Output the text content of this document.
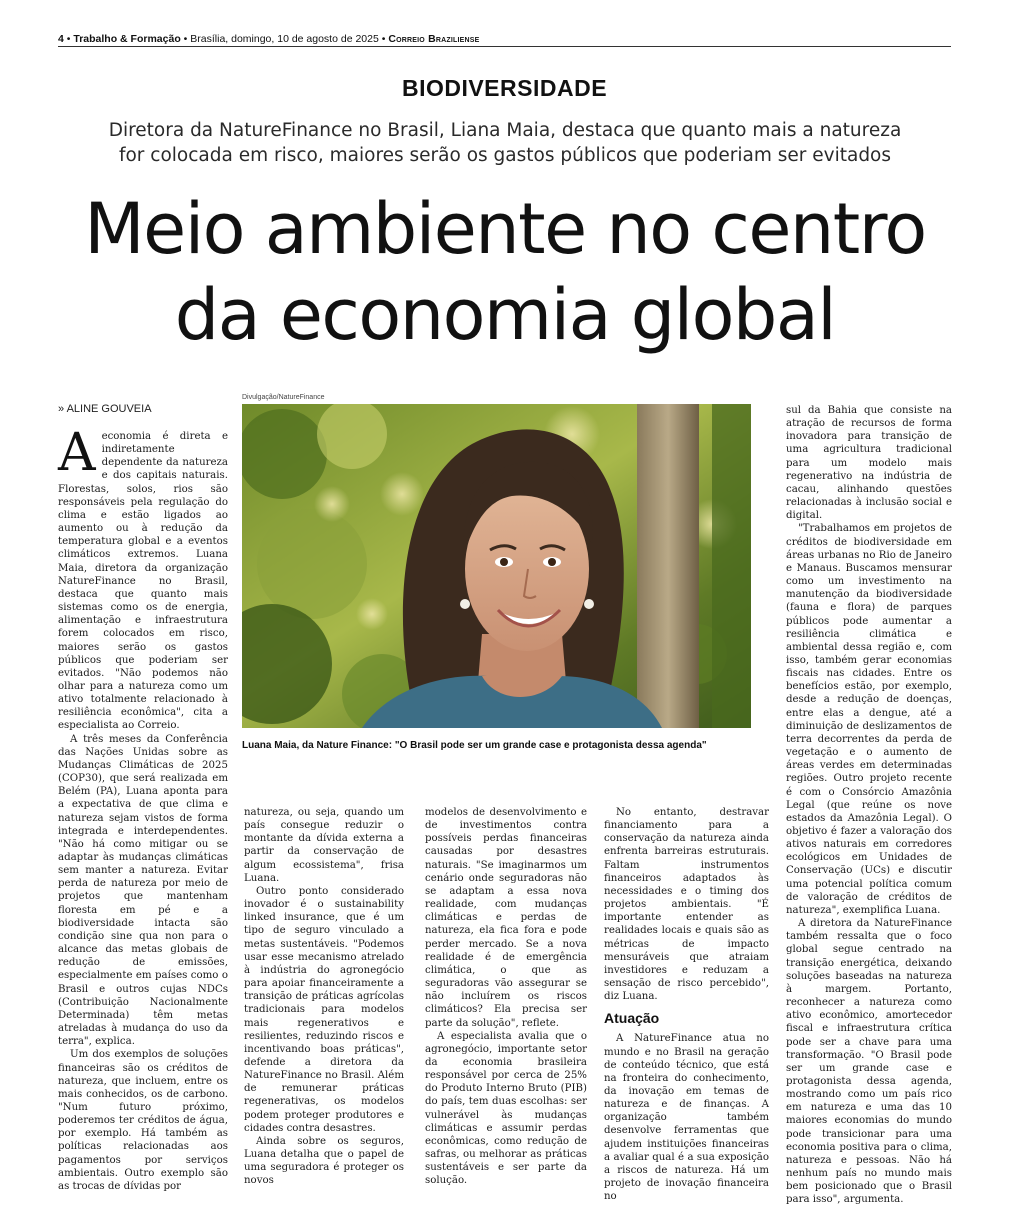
4 • Trabalho & Formação • Brasília, domingo, 10 de agosto de 2025 • Correio Braziliense
BIODIVERSIDADE
Diretora da NatureFinance no Brasil, Liana Maia, destaca que quanto mais a natureza for colocada em risco, maiores serão os gastos públicos que poderiam ser evitados
Meio ambiente no centro
da economia global
» ALINE GOUVEIA
Divulgação/NatureFinance
Luana Maia, da Nature Finance: "O Brasil pode ser um grande case e protagonista dessa agenda"

Aeconomia é direta e indiretamente dependente da natureza e dos capitais naturais. Florestas, solos, rios são responsáveis pela regulação do clima e estão ligados ao aumento ou à redução da temperatura global e a eventos climáticos extremos. Luana Maia, diretora da organização NatureFinance no Brasil, destaca que quanto mais sistemas como os de energia, alimentação e infraestrutura forem colocados em risco, maiores serão os gastos públicos que poderiam ser evitados. "Não podemos não olhar para a natureza como um ativo totalmente relacionado à resiliência econômica", cita a especialista ao Correio.

A três meses da Conferência das Nações Unidas sobre as Mudanças Climáticas de 2025 (COP30), que será realizada em Belém (PA), Luana aponta para a expectativa de que clima e natureza sejam vistos de forma integrada e interdependentes. "Não há como mitigar ou se adaptar às mudanças climáticas sem manter a natureza. Evitar perda de natureza por meio de projetos que mantenham floresta em pé e a biodiversidade intacta são condição sine qua non para o alcance das metas globais de redução de emissões, especialmente em países como o Brasil e outros cujas NDCs (Contribuição Nacionalmente Determinada) têm metas atreladas à mudança do uso da terra", explica.

Um dos exemplos de soluções financeiras são os créditos de natureza, que incluem, entre os mais conhecidos, os de carbono. "Num futuro próximo, poderemos ter créditos de água, por exemplo. Há também as políticas relacionadas aos pagamentos por serviços ambientais. Outro exemplo são as trocas de dívidas por

natureza, ou seja, quando um país consegue reduzir o montante da dívida externa a partir da conservação de algum ecossistema", frisa Luana.

Outro ponto considerado inovador é o sustainability linked insurance, que é um tipo de seguro vinculado a metas sustentáveis. "Podemos usar esse mecanismo atrelado à indústria do agronegócio para apoiar financeiramente a transição de práticas agrícolas tradicionais para modelos mais regenerativos e resilientes, reduzindo riscos e incentivando boas práticas", defende a diretora da NatureFinance no Brasil. Além de remunerar práticas regenerativas, os modelos podem proteger produtores e cidades contra desastres.

Ainda sobre os seguros, Luana detalha que o papel de uma seguradora é proteger os novos

modelos de desenvolvimento e de investimentos contra possíveis perdas financeiras causadas por desastres naturais. "Se imaginarmos um cenário onde seguradoras não se adaptam a essa nova realidade, com mudanças climáticas e perdas de natureza, ela fica fora e pode perder mercado. Se a nova realidade é de emergência climática, o que as seguradoras vão assegurar se não incluírem os riscos climáticos? Ela precisa ser parte da solução", reflete.

A especialista avalia que o agronegócio, importante setor da economia brasileira responsável por cerca de 25% do Produto Interno Bruto (PIB) do país, tem duas escolhas: ser vulnerável às mudanças climáticas e assumir perdas econômicas, como redução de safras, ou melhorar as práticas sustentáveis e ser parte da solução.

No entanto, destravar financiamento para a conservação da natureza ainda enfrenta barreiras estruturais. Faltam instrumentos financeiros adaptados às necessidades e o timing dos projetos ambientais. "É importante entender as realidades locais e quais são as métricas de impacto mensuráveis que atraiam investidores e reduzam a sensação de risco percebido", diz Luana.

Atuação

A NatureFinance atua no mundo e no Brasil na geração de conteúdo técnico, que está na fronteira do conhecimento, da inovação em temas de natureza e de finanças. A organização também desenvolve ferramentas que ajudem instituições financeiras a avaliar qual é a sua exposição a riscos de natureza. Há um projeto de inovação financeira no

sul da Bahia que consiste na atração de recursos de forma inovadora para transição de uma agricultura tradicional para um modelo mais regenerativo na indústria de cacau, alinhando questões relacionadas à inclusão social e digital.

"Trabalhamos em projetos de créditos de biodiversidade em áreas urbanas no Rio de Janeiro e Manaus. Buscamos mensurar como um investimento na manutenção da biodiversidade (fauna e flora) de parques públicos pode aumentar a resiliência climática e ambiental dessa região e, com isso, também gerar economias fiscais nas cidades. Entre os benefícios estão, por exemplo, desde a redução de doenças, entre elas a dengue, até a diminuição de deslizamentos de terra decorrentes da perda de vegetação e o aumento de áreas verdes em determinadas regiões. Outro projeto recente é com o Consórcio Amazônia Legal (que reúne os nove estados da Amazônia Legal). O objetivo é fazer a valoração dos ativos naturais em corredores ecológicos em Unidades de Conservação (UCs) e discutir uma potencial política comum de valoração de créditos de natureza", exemplifica Luana.

A diretora da NatureFinance também ressalta que o foco global segue centrado na transição energética, deixando soluções baseadas na natureza à margem. Portanto, reconhecer a natureza como ativo econômico, amortecedor fiscal e infraestrutura crítica pode ser a chave para uma transformação. "O Brasil pode ser um grande case e protagonista dessa agenda, mostrando como um país rico em natureza e uma das 10 maiores economias do mundo pode transicionar para uma economia positiva para o clima, natureza e pessoas. Não há nenhum país no mundo mais bem posicionado que o Brasil para isso", argumenta.
